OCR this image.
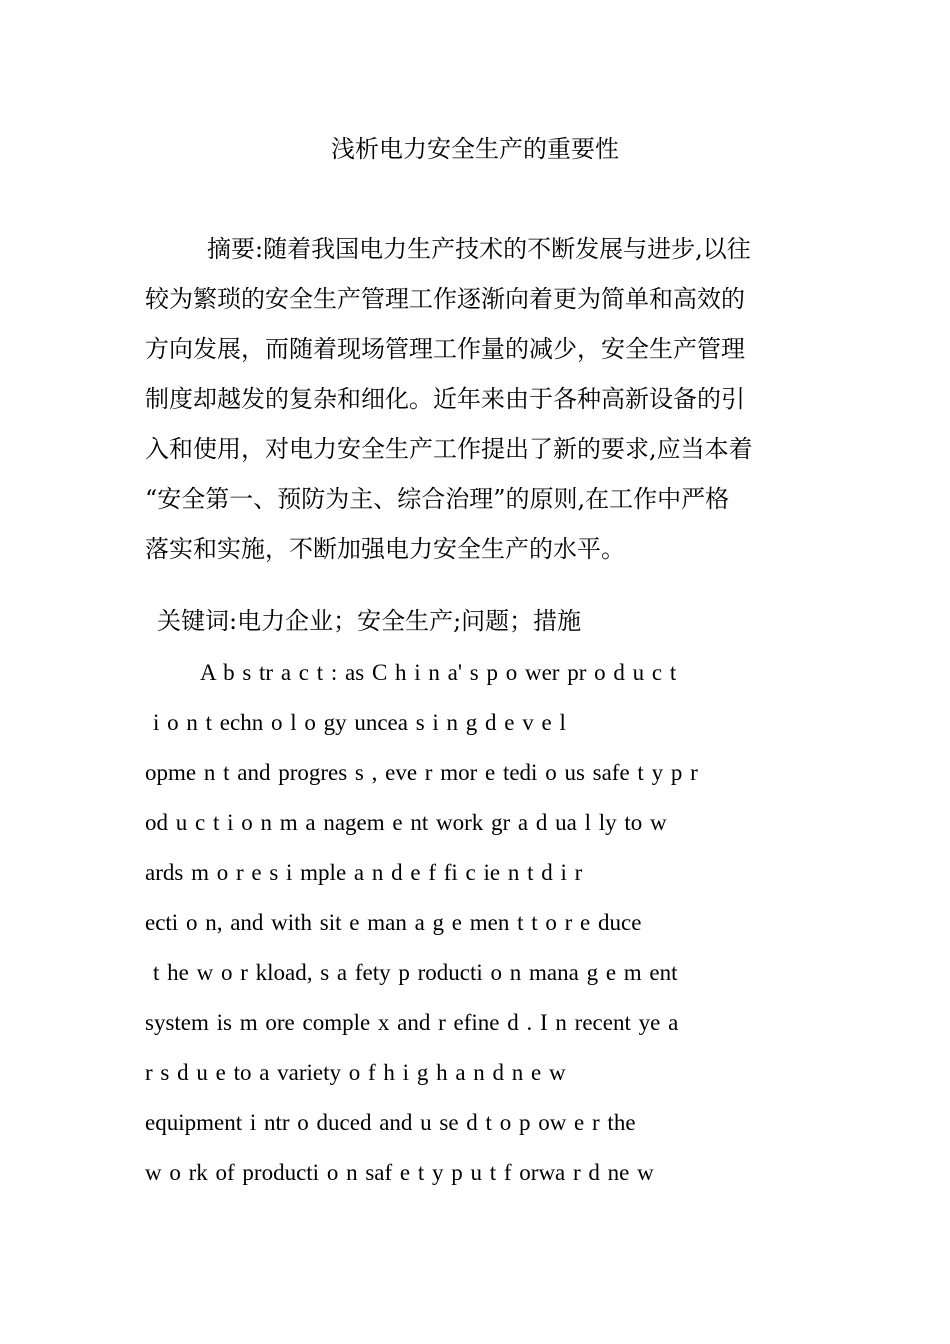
浅析电力安全生产的重要性
摘要:随着我国电力生产技术的不断发展与进步,以往
较为繁琐的安全生产管理工作逐渐向着更为简单和高效的
方向发展，而随着现场管理工作量的减少，安全生产管理
制度却越发的复杂和细化。近年来由于各种高新设备的引
入和使用，对电力安全生产工作提出了新的要求,应当本着
“安全第一、预防为主、综合治理”的原则,在工作中严格
落实和实施，不断加强电力安全生产的水平。
关键词:电力企业；安全生产;问题；措施
A b s tr a c t : as C h i n a' s p o wer pr o d u c t
i o n t echn o l o gy uncea s i n g d e v e l
opme n t and progres s , eve r mor e tedi o us safe t y p r
od u c t i o n m a nagem e nt work gr a d ua l ly to w
ards m o r e s i mple a n d e f fi c ie n t d i r
ecti o n, and with sit e man a g e men t t o r e duce
t he w o r kload, s a fety p roducti o n mana g e m ent
system is m ore comple x and r efine d . I n recent ye a
r s d u e to a variety o f h i g h a n d n e w
equipment i ntr o duced and u se d t o p ow e r the
w o rk of producti o n saf e t y p u t f orwa r d ne w
